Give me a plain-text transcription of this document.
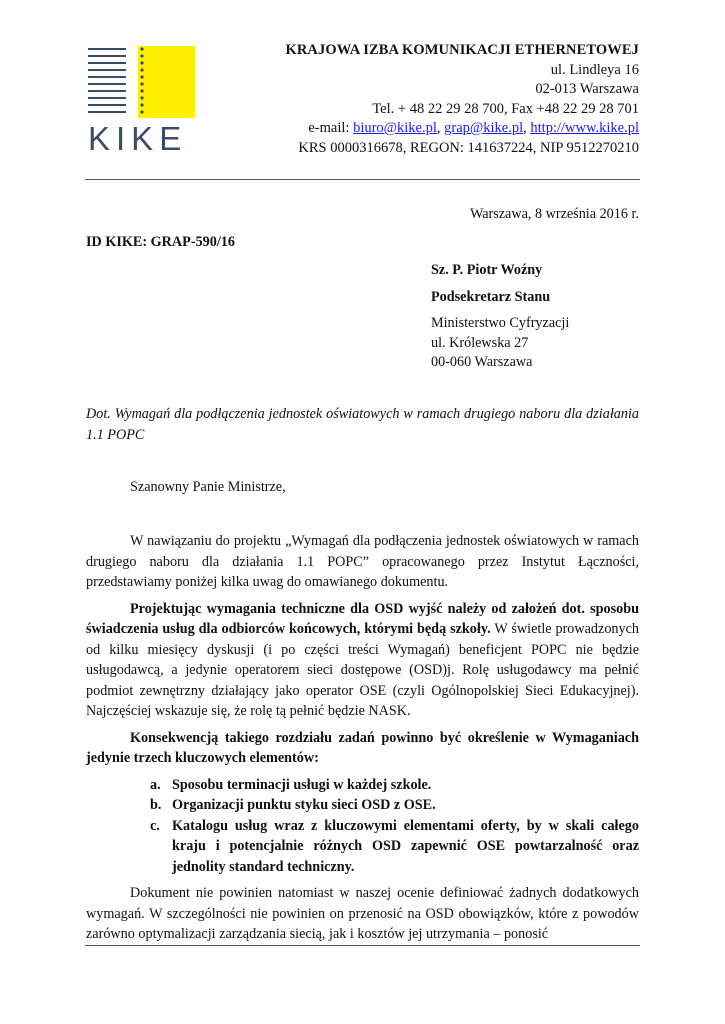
KIKE
KRAJOWA IZBA KOMUNIKACJI ETHERNETOWEJ
ul. Lindleya 16
02-013 Warszawa
Tel. + 48 22 29 28 700, Fax +48 22 29 28 701
e-mail: biuro@kike.pl, grap@kike.pl, http://www.kike.pl
KRS 0000316678, REGON: 141637224, NIP 9512270210
Warszawa, 8 września 2016 r.
ID KIKE: GRAP-590/16
Sz. P. Piotr Woźny
Podsekretarz Stanu
Ministerstwo Cyfryzacji
ul. Królewska 27
00-060 Warszawa
Dot. Wymagań dla podłączenia jednostek oświatowych w ramach drugiego naboru dla działania 1.1 POPC
Szanowny Panie Ministrze,

W nawiązaniu do projektu „Wymagań dla podłączenia jednostek oświatowych w ramach drugiego naboru dla działania 1.1 POPC” opracowanego przez Instytut Łączności, przedstawiamy poniżej kilka uwag do omawianego dokumentu.

Projektując wymagania techniczne dla OSD wyjść należy od założeń dot. sposobu świadczenia usług dla odbiorców końcowych, którymi będą szkoły. W świetle prowadzonych od kilku miesięcy dyskusji (i po części treści Wymagań) beneficjent POPC nie będzie usługodawcą, a jedynie operatorem sieci dostępowe (OSD)j. Rolę usługodawcy ma pełnić podmiot zewnętrzny działający jako operator OSE (czyli Ogólnopolskiej Sieci Edukacyjnej). Najczęściej wskazuje się, że rolę tą pełnić będzie NASK.

Konsekwencją takiego rozdziału zadań powinno być określenie w Wymaganiach jedynie trzech kluczowych elementów:

a. Sposobu terminacji usługi w każdej szkole.
b. Organizacji punktu styku sieci OSD z OSE.
c. Katalogu usług wraz z kluczowymi elementami oferty, by w skali całego kraju i potencjalnie różnych OSD zapewnić OSE powtarzalność oraz jednolity standard techniczny.

Dokument nie powinien natomiast w naszej ocenie definiować żadnych dodatkowych wymagań. W szczególności nie powinien on przenosić na OSD obowiązków, które z powodów zarówno optymalizacji zarządzania siecią, jak i kosztów jej utrzymania – ponosić
